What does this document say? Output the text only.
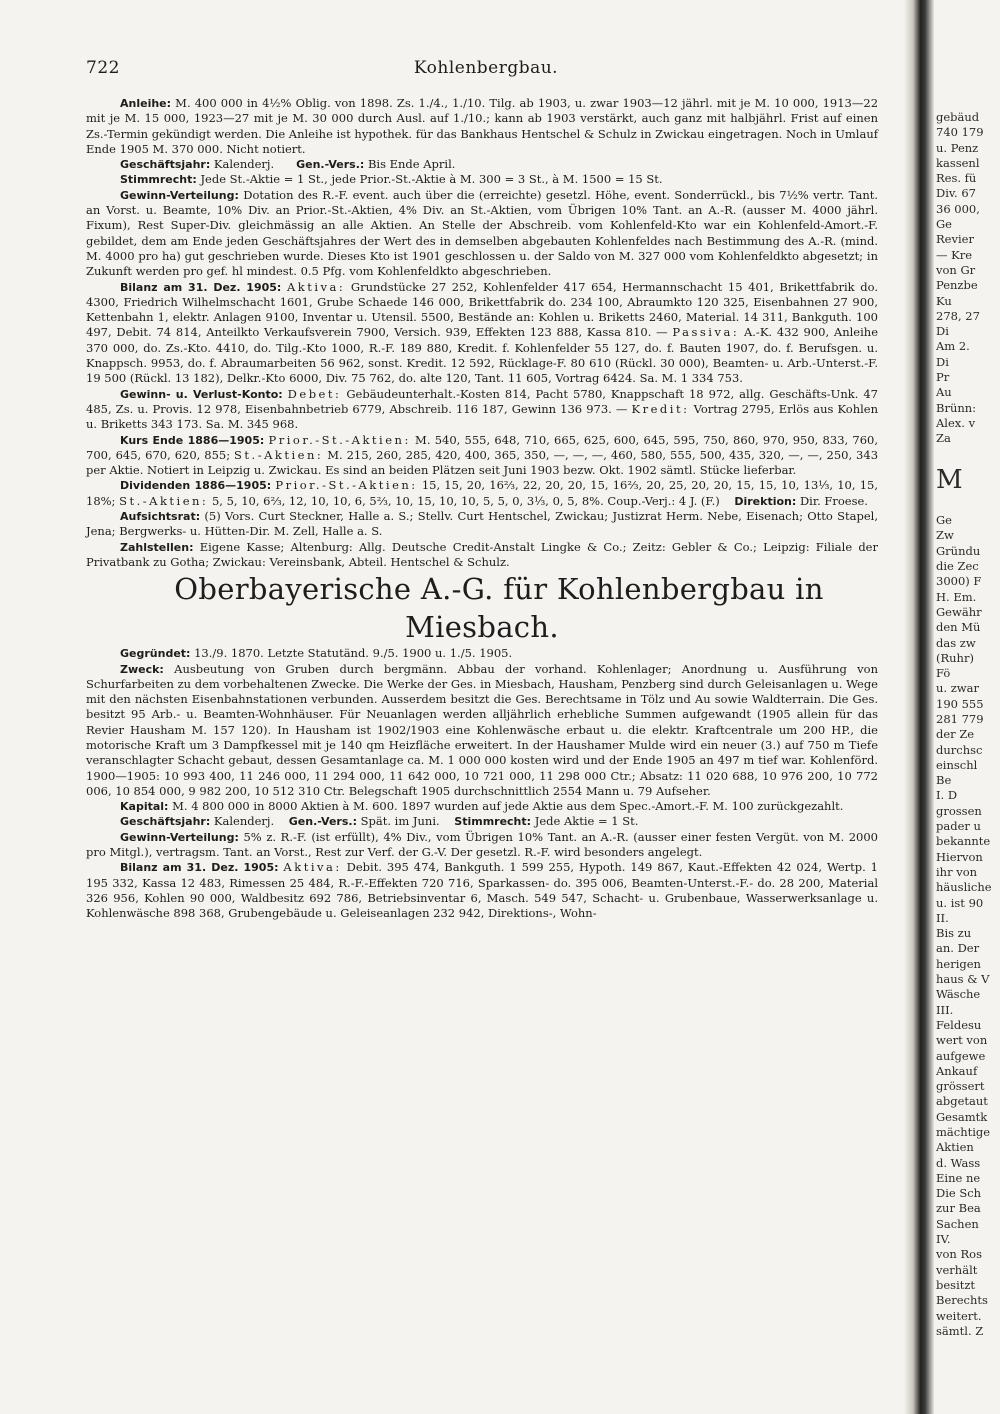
722	Kohlenbergbau.

Anleihe: M. 400 000 in 4½% Oblig. von 1898. Zs. 1./4., 1./10. Tilg. ab 1903, u. zwar 1903—12 jährl. mit je M. 10 000, 1913—22 mit je M. 15 000, 1923—27 mit je M. 30 000 durch Ausl. auf 1./10.; kann ab 1903 verstärkt, auch ganz mit halbjährl. Frist auf einen Zs.-Termin gekündigt werden. Die Anleihe ist hypothek. für das Bankhaus Hentschel & Schulz in Zwickau eingetragen. Noch in Umlauf Ende 1905 M. 370 000. Nicht notiert.

Geschäftsjahr: Kalenderj. Gen.-Vers.: Bis Ende April.

Stimmrecht: Jede St.-Aktie = 1 St., jede Prior.-St.-Aktie à M. 300 = 3 St., à M. 1500 = 15 St.

Gewinn-Verteilung: Dotation des R.-F. event. auch über die (erreichte) gesetzl. Höhe, event. Sonderrückl., bis 7½% vertr. Tant. an Vorst. u. Beamte, 10% Div. an Prior.-St.-Aktien, 4% Div. an St.-Aktien, vom Übrigen 10% Tant. an A.-R. (ausser M. 4000 jährl. Fixum), Rest Super-Div. gleichmässig an alle Aktien. An Stelle der Abschreib. vom Kohlenfeld-Kto war ein Kohlenfeld-Amort.-F. gebildet, dem am Ende jeden Geschäftsjahres der Wert des in demselben abgebauten Kohlenfeldes nach Bestimmung des A.-R. (mind. M. 4000 pro ha) gut geschrieben wurde. Dieses Kto ist 1901 geschlossen u. der Saldo von M. 327 000 vom Kohlenfeldkto abgesetzt; in Zukunft werden pro gef. hl mindest. 0.5 Pfg. vom Kohlenfeldkto abgeschrieben.

Bilanz am 31. Dez. 1905: Aktiva: Grundstücke 27 252, Kohlenfelder 417 654, Hermannschacht 15 401, Brikettfabrik do. 4300, Friedrich Wilhelmschacht 1601, Grube Schaede 146 000, Brikettfabrik do. 234 100, Abraumkto 120 325, Eisenbahnen 27 900, Kettenbahn 1, elektr. Anlagen 9100, Inventar u. Utensil. 5500, Bestände an: Kohlen u. Briketts 2460, Material. 14 311, Bankguth. 100 497, Debit. 74 814, Anteilkto Verkaufsverein 7900, Versich. 939, Effekten 123 888, Kassa 810. — Passiva: A.-K. 432 900, Anleihe 370 000, do. Zs.-Kto. 4410, do. Tilg.-Kto 1000, R.-F. 189 880, Kredit. f. Kohlenfelder 55 127, do. f. Bauten 1907, do. f. Berufsgen. u. Knappsch. 9953, do. f. Abraumarbeiten 56 962, sonst. Kredit. 12 592, Rücklage-F. 80 610 (Rückl. 30 000), Beamten- u. Arb.-Unterst.-F. 19 500 (Rückl. 13 182), Delkr.-Kto 6000, Div. 75 762, do. alte 120, Tant. 11 605, Vortrag 6424. Sa. M. 1 334 753.

Gewinn- u. Verlust-Konto: Debet: Gebäudeunterhalt.-Kosten 814, Pacht 5780, Knappschaft 18 972, allg. Geschäfts-Unk. 47 485, Zs. u. Provis. 12 978, Eisenbahnbetrieb 6779, Abschreib. 116 187, Gewinn 136 973. — Kredit: Vortrag 2795, Erlös aus Kohlen u. Briketts 343 173. Sa. M. 345 968.

Kurs Ende 1886—1905: Prior.-St.-Aktien: M. 540, 555, 648, 710, 665, 625, 600, 645, 595, 750, 860, 970, 950, 833, 760, 700, 645, 670, 620, 855; St.-Aktien: M. 215, 260, 285, 420, 400, 365, 350, —, —, —, 460, 580, 555, 500, 435, 320, —, —, 250, 343 per Aktie. Notiert in Leipzig u. Zwickau. Es sind an beiden Plätzen seit Juni 1903 bezw. Okt. 1902 sämtl. Stücke lieferbar.

Dividenden 1886—1905: Prior.-St.-Aktien: 15, 15, 20, 16⅔, 22, 20, 20, 15, 16⅔, 20, 25, 20, 20, 15, 15, 10, 13⅓, 10, 15, 18%; St.-Aktien: 5, 5, 10, 6⅔, 12, 10, 10, 6, 5⅔, 10, 15, 10, 10, 5, 5, 0, 3⅓, 0, 5, 8%. Coup.-Verj.: 4 J. (F.) Direktion: Dir. Froese.

Aufsichtsrat: (5) Vors. Curt Steckner, Halle a. S.; Stellv. Curt Hentschel, Zwickau; Justizrat Herm. Nebe, Eisenach; Otto Stapel, Jena; Bergwerks- u. Hütten-Dir. M. Zell, Halle a. S.

Zahlstellen: Eigene Kasse; Altenburg: Allg. Deutsche Credit-Anstalt Lingke & Co.; Zeitz: Gebler & Co.; Leipzig: Filiale der Privatbank zu Gotha; Zwickau: Vereinsbank, Abteil. Hentschel & Schulz.

Oberbayerische A.-G. für Kohlenbergbau in Miesbach.

Gegründet: 13./9. 1870. Letzte Statutänd. 9./5. 1900 u. 1./5. 1905.

Zweck: Ausbeutung von Gruben durch bergmänn. Abbau der vorhand. Kohlenlager; Anordnung u. Ausführung von Schurfarbeiten zu dem vorbehaltenen Zwecke. Die Werke der Ges. in Miesbach, Hausham, Penzberg sind durch Geleisanlagen u. Wege mit den nächsten Eisenbahnstationen verbunden. Ausserdem besitzt die Ges. Berechtsame in Tölz und Au sowie Waldterrain. Die Ges. besitzt 95 Arb.- u. Beamten-Wohnhäuser. Für Neuanlagen werden alljährlich erhebliche Summen aufgewandt (1905 allein für das Revier Hausham M. 157 120). In Hausham ist 1902/1903 eine Kohlenwäsche erbaut u. die elektr. Kraftcentrale um 200 HP., die motorische Kraft um 3 Dampfkessel mit je 140 qm Heizfläche erweitert. In der Haushamer Mulde wird ein neuer (3.) auf 750 m Tiefe veranschlagter Schacht gebaut, dessen Gesamtanlage ca. M. 1 000 000 kosten wird und der Ende 1905 an 497 m tief war. Kohlenförd. 1900—1905: 10 993 400, 11 246 000, 11 294 000, 11 642 000, 10 721 000, 11 298 000 Ctr.; Absatz: 11 020 688, 10 976 200, 10 772 006, 10 854 000, 9 982 200, 10 512 310 Ctr. Belegschaft 1905 durchschnittlich 2554 Mann u. 79 Aufseher.

Kapital: M. 4 800 000 in 8000 Aktien à M. 600. 1897 wurden auf jede Aktie aus dem Spec.-Amort.-F. M. 100 zurückgezahlt.

Geschäftsjahr: Kalenderj. Gen.-Vers.: Spät. im Juni. Stimmrecht: Jede Aktie = 1 St.

Gewinn-Verteilung: 5% z. R.-F. (ist erfüllt), 4% Div., vom Übrigen 10% Tant. an A.-R. (ausser einer festen Vergüt. von M. 2000 pro Mitgl.), vertragsm. Tant. an Vorst., Rest zur Verf. der G.-V. Der gesetzl. R.-F. wird besonders angelegt.

Bilanz am 31. Dez. 1905: Aktiva: Debit. 395 474, Bankguth. 1 599 255, Hypoth. 149 867, Kaut.-Effekten 42 024, Wertp. 1 195 332, Kassa 12 483, Rimessen 25 484, R.-F.-Effekten 720 716, Sparkassen- do. 395 006, Beamten-Unterst.-F.- do. 28 200, Material 326 956, Kohlen 90 000, Waldbesitz 692 786, Betriebsinventar 6, Masch. 549 547, Schacht- u. Grubenbaue, Wasserwerksanlage u. Kohlenwäsche 898 368, Grubengebäude u. Geleiseanlagen 232 942, Direktions-, Wohn-

gebäud
740 179
u. Penz
kassenl
Res. fü
Div. 67
36 000,
Ge
Revier
— Kre
von Gr
Penzbe
Ku
278, 27
Di
Am 2.
Di
Pr
Au
Brünn:
Alex. v
Za
M
Ge
Zw
Gründu
die Zec
3000) F
H. Em.
Gewähr
den Mü
das zw
(Ruhr)
Fö
u. zwar
190 555
281 779
der Ze
durchsc
einschl
Be
I. D
grossen
pader u
bekannte
Hiervon
ihr von
häusliche
u. ist 90
II.
Bis zu
an. Der
herigen
haus & V
Wäsche
III.
Feldesu
wert von
aufgewe
Ankauf
grössert
abgetaut
Gesamtk
mächtige
Aktien
d. Wass
Eine ne
Die Sch
zur Bea
Sachen
IV.
von Ros
verhält
besitzt
Berechts
weitert.
sämtl. Z
